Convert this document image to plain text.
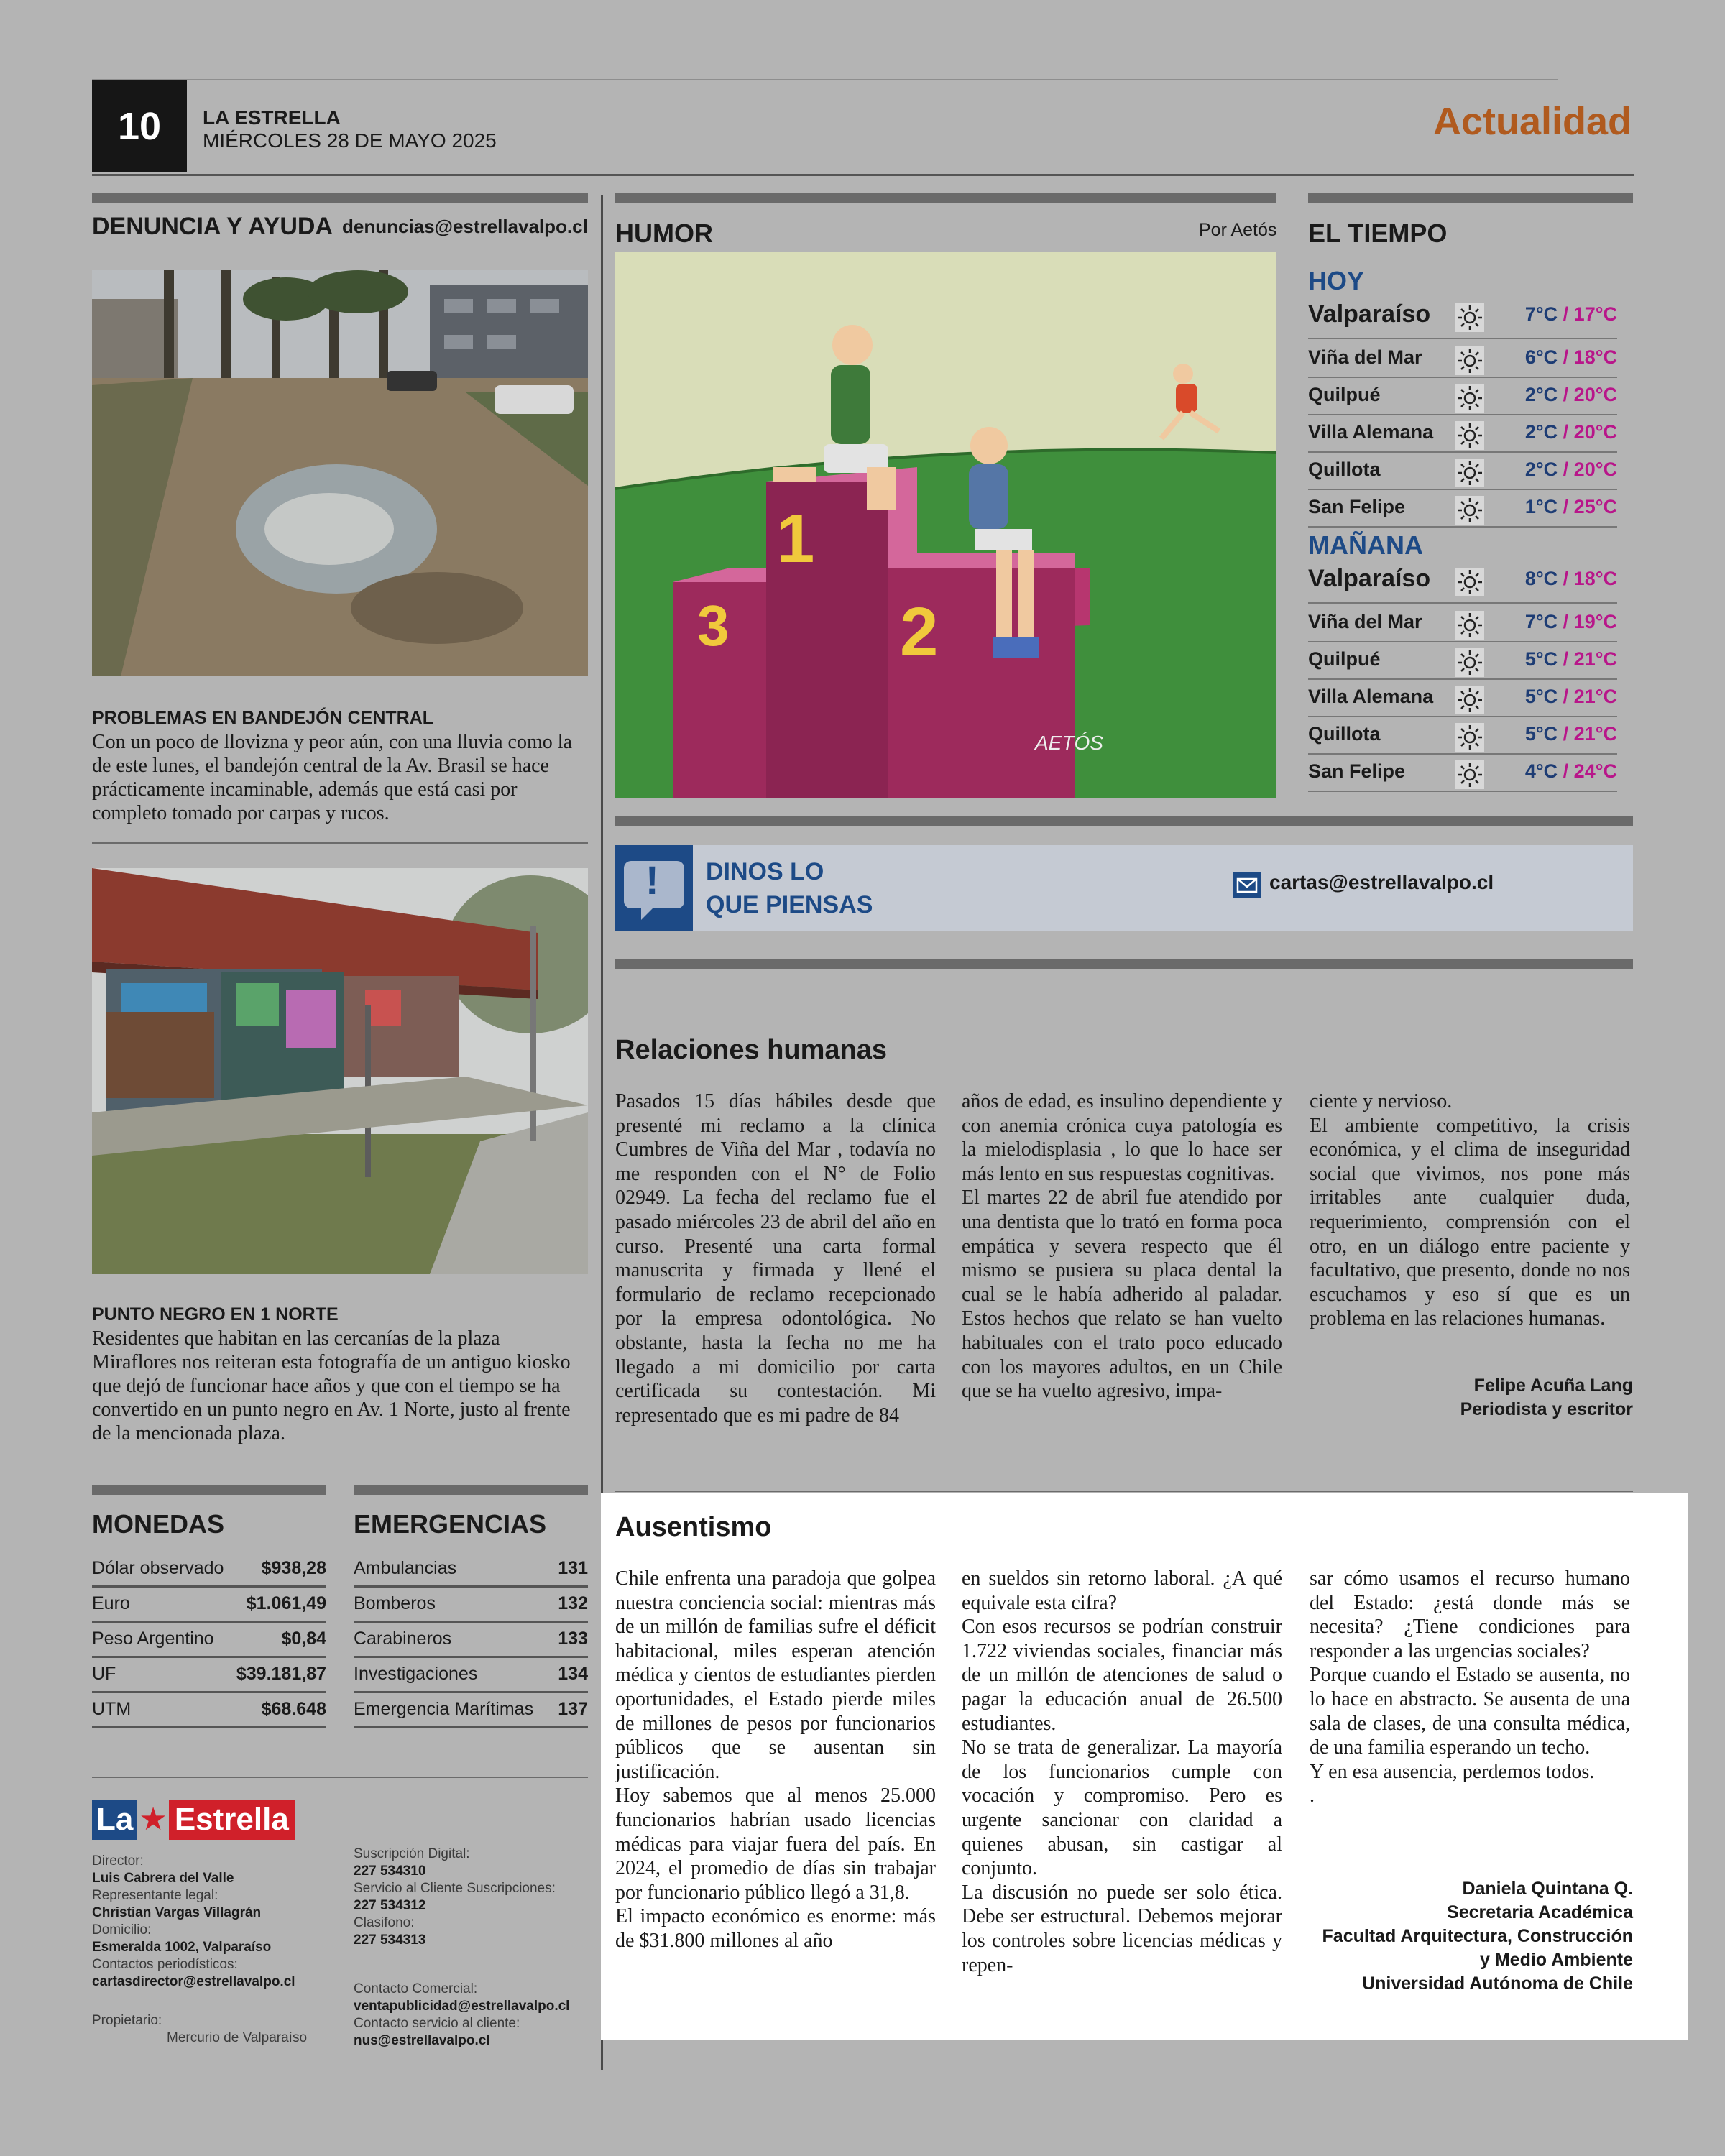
10	LA ESTRELLA
MIÉRCOLES 28 DE MAYO 2025	Actualidad
DENUNCIA Y AYUDA denuncias@estrellavalpo.cl
PROBLEMAS EN BANDEJÓN CENTRAL
Con un poco de llovizna y peor aún, con una lluvia como la de este lunes, el bandejón central de la Av. Brasil se hace prácticamente incaminable, además que está casi por completo tomado por carpas y rucos.
PUNTO NEGRO EN 1 NORTE
Residentes que habitan en las cercanías de la plaza Miraflores nos reiteran esta fotografía de un antiguo kiosko que dejó de funcionar hace años y que con el tiempo se ha convertido en un punto negro en Av. 1 Norte, justo al frente de la mencionada plaza.
HUMOR	Por Aetós
1
2
3
AETÓS
EL TIEMPO
HOY
Valparaíso	7°C / 17°C
Viña del Mar	6°C / 18°C
Quilpué	2°C / 20°C
Villa Alemana	2°C / 20°C
Quillota	2°C / 20°C
San Felipe	1°C / 25°C
MAÑANA
Valparaíso	8°C / 18°C
Viña del Mar	7°C / 19°C
Quilpué	5°C / 21°C
Villa Alemana	5°C / 21°C
Quillota	5°C / 21°C
San Felipe	4°C / 24°C
! DINOS LO
QUE PIENSAS
cartas@estrellavalpo.cl
Relaciones humanas

Pasados 15 días hábiles desde que presenté mi reclamo a la clínica Cumbres de Viña del Mar , todavía no me responden con el N° de Folio 02949. La fecha del reclamo fue el pasado miércoles 23 de abril del año en curso. Presenté una carta formal manuscrita y firmada y llené el formulario de reclamo recepcionado por la empresa odontológica. No obstante, hasta la fecha no me ha llegado a mi domicilio por carta certificada su contestación. Mi representado que es mi padre de 84

años de edad, es insulino dependiente y con anemia crónica cuya patología es la mielodisplasia , lo que lo hace ser más lento en sus respuestas cognitivas.

El martes 22 de abril fue atendido por una dentista que lo trató en forma poca empática y severa respecto que él mismo se pusiera su placa dental la cual se le había adherido al paladar. Estos hechos que relato se han vuelto habituales con el trato poco educado con los mayores adultos, en un Chile que se ha vuelto agresivo, impa-

ciente y nervioso.

El ambiente competitivo, la crisis económica, y el clima de inseguridad social que vivimos, nos pone más irritables ante cualquier duda, requerimiento, comprensión con el otro, en un diálogo entre paciente y facultativo, que presento, donde no nos escuchamos y eso sí que es un problema en las relaciones humanas.

Felipe Acuña Lang
Periodista y escritor
MONEDAS
Dólar observado $938,28
Euro	$1.061,49
Peso Argentino	$0,84
UF	$39.181,87
UTM	$68.648
EMERGENCIAS
Ambulancias	131
Bomberos	132
Carabineros	133
Investigaciones	134
Emergencia Marítimas 137
La ★ Estrella
Director:
Luis Cabrera del Valle
Representante legal:
Christian Vargas Villagrán
Domicilio:
Esmeralda 1002, Valparaíso
Contactos periodísticos:
cartasdirector@estrellavalpo.cl
Propietario:
Mercurio de Valparaíso
Suscripción Digital:
227 534310
Servicio al Cliente Suscripciones:
227 534312
Clasifono:
227 534313
Contacto Comercial:
ventapublicidad@estrellavalpo.cl
Contacto servicio al cliente:
nus@estrellavalpo.cl
Ausentismo

Chile enfrenta una paradoja que golpea nuestra conciencia social: mientras más de un millón de familias sufre el déficit habitacional, miles esperan atención médica y cientos de estudiantes pierden oportunidades, el Estado pierde miles de millones de pesos por funcionarios públicos que se ausentan sin justificación.

Hoy sabemos que al menos 25.000 funcionarios habrían usado licencias médicas para viajar fuera del país. En 2024, el promedio de días sin trabajar por funcionario público llegó a 31,8.

El impacto económico es enorme: más de $31.800 millones al año

en sueldos sin retorno laboral. ¿A qué equivale esta cifra?

Con esos recursos se podrían construir 1.722 viviendas sociales, financiar más de un millón de atenciones de salud o pagar la educación anual de 26.500 estudiantes.

No se trata de generalizar. La mayoría de los funcionarios cumple con vocación y compromiso. Pero es urgente sancionar con claridad a quienes abusan, sin castigar al conjunto.

La discusión no puede ser solo ética. Debe ser estructural. Debemos mejorar los controles sobre licencias médicas y repen-

sar cómo usamos el recurso humano del Estado: ¿está donde más se necesita? ¿Tiene condiciones para responder a las urgencias sociales?

Porque cuando el Estado se ausenta, no lo hace en abstracto. Se ausenta de una sala de clases, de una consulta médica, de una familia esperando un techo.

Y en esa ausencia, perdemos todos.

.

Daniela Quintana Q.
Secretaria Académica
Facultad Arquitectura, Construcción
y Medio Ambiente
Universidad Autónoma de Chile
